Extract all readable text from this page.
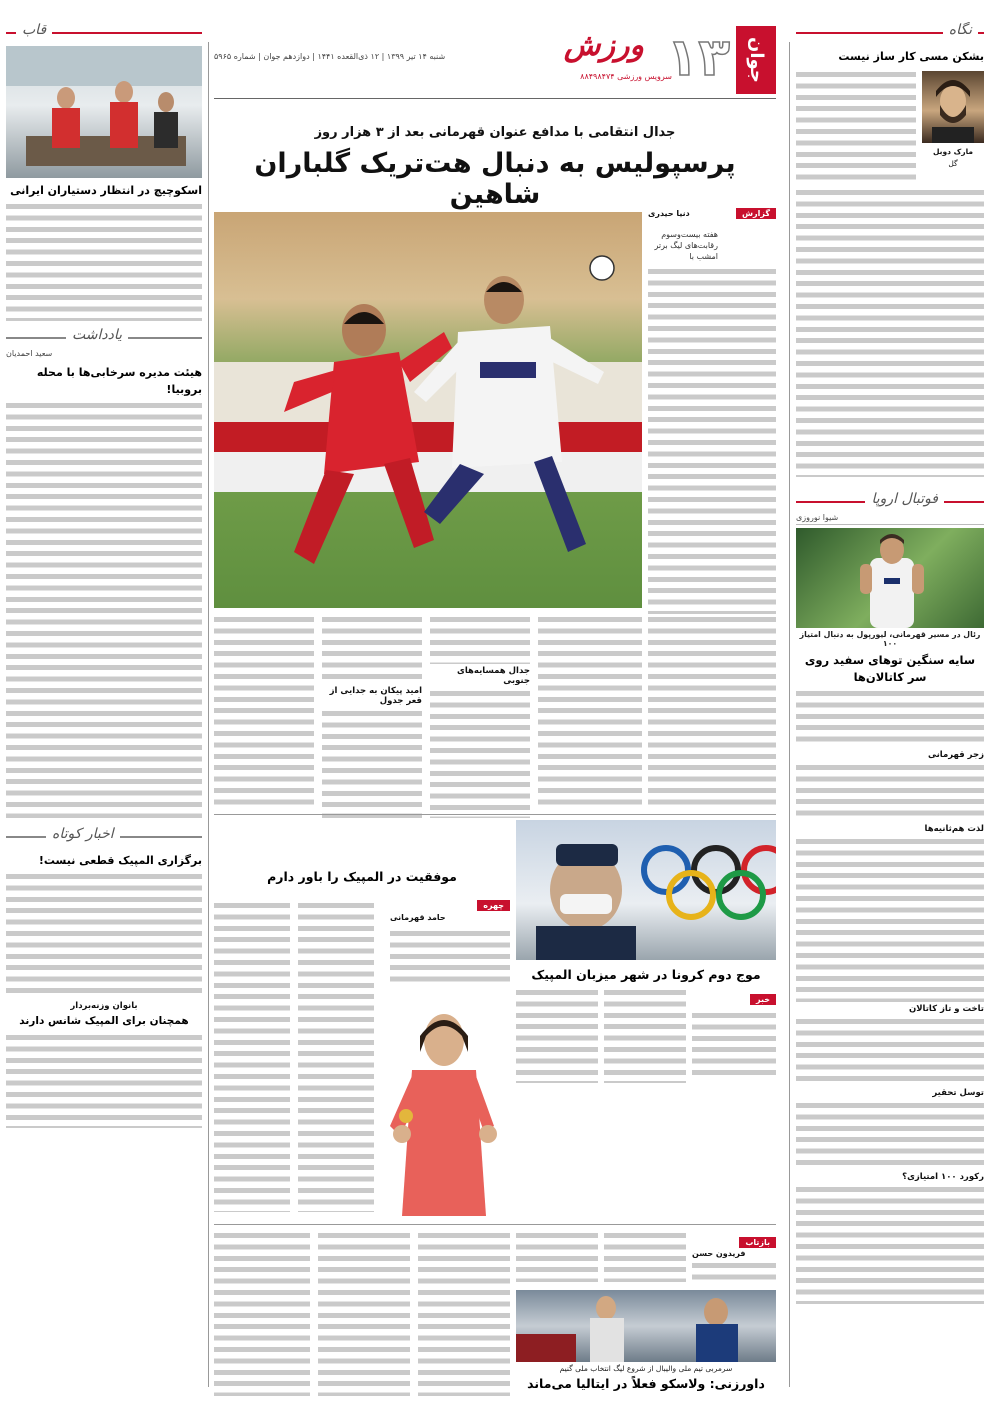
نگاه
بشکن مسی کار ساز نیست
مارک دوبل
گل
فوتبال اروپا
شیوا نوروزی
رئال در مسیر قهرمانی، لیورپول به دنبال امتیاز ۱۰۰
سایه سنگین توهای سفید روی سر کاتالان‌ها
زجر قهرمانی
لذت هم‌ثانیه‌ها
تاخت و تاز کاتالان
توسل تحقیر
رکورد ۱۰۰ امتیازی؟
قاب
اسکوچیچ در انتظار دستیاران ایرانی
یادداشت
سعید احمدیان
هیئت مدیره سرخابی‌ها با محله بروبیا!
اخبار کوتاه
برگزاری المپیک قطعی نیست!
بانوان وزنه‌بردار
همچنان برای المپیک شانس دارند
جوان
۱۳
ورزش
سرویس ورزشی ۸۸۴۹۸۴۷۴
شنبه ۱۴ تیر ۱۳۹۹ | ۱۲ ذی‌القعده ۱۴۴۱ | دوازدهم جوان | شماره ۵۹۶۵
جدال انتقامی با مدافع عنوان قهرمانی بعد از ۳ هزار روز
پرسپولیس به دنبال هت‌تریک گلباران شاهین
گزارش
دنیا حیدری
هفته بیست‌وسوم رقابت‌های لیگ برتر امشب با
جدال همسایه‌های جنوبی
امید پیکان به جدایی از قعر جدول
موج دوم کرونا در شهر میزبان المپیک
خبر
موفقیت در المپیک را باور دارم
چهره
حامد قهرمانی
بازتاب
فریدون حسن
سرمربی تیم ملی والیبال از شروع لیگ انتخاب ملی گنیم
داورزنی: ولاسکو فعلاً در ایتالیا می‌ماند
